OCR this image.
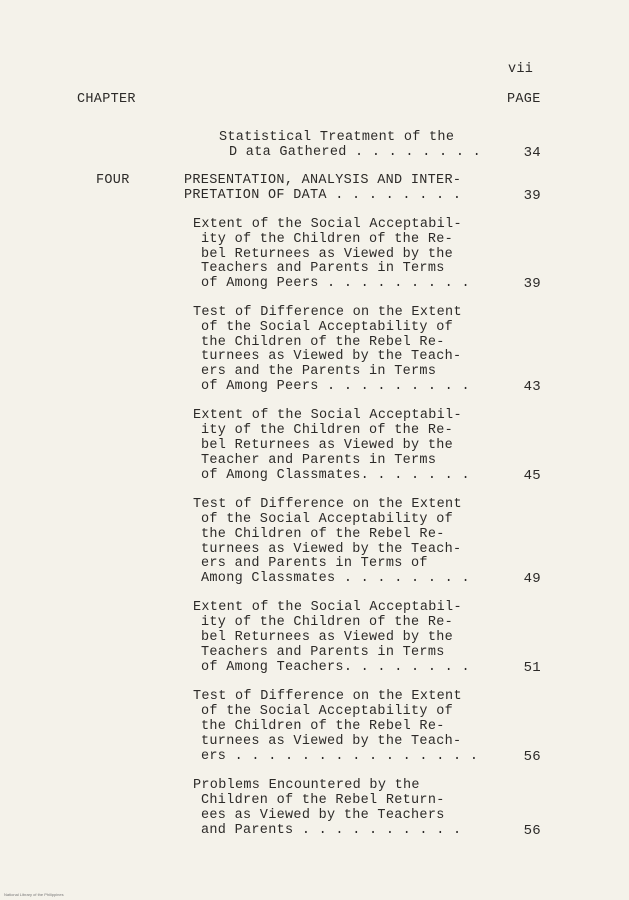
vii
CHAPTER	PAGE
Statistical Treatment of the
D ata Gathered . . . . . . . .	34
FOUR	PRESENTATION, ANALYSIS AND INTER-
PRETATION OF DATA . . . . . . . .	39
Extent of the Social Acceptabil-
ity of the Children of the Re-
bel Returnees as Viewed by the
Teachers and Parents in Terms
of Among Peers . . . . . . . . .	39
Test of Difference on the Extent
of the Social Acceptability of
the Children of the Rebel Re-
turnees as Viewed by the Teach-
ers and the Parents in Terms
of Among Peers . . . . . . . . .	43
Extent of the Social Acceptabil-
ity of the Children of the Re-
bel Returnees as Viewed by the
Teacher and Parents in Terms
of Among Classmates. . . . . . .	45
Test of Difference on the Extent
of the Social Acceptability of
the Children of the Rebel Re-
turnees as Viewed by the Teach-
ers and Parents in Terms of
Among Classmates . . . . . . . .	49
Extent of the Social Acceptabil-
ity of the Children of the Re-
bel Returnees as Viewed by the
Teachers and Parents in Terms
of Among Teachers. . . . . . . .	51
Test of Difference on the Extent
of the Social Acceptability of
the Children of the Rebel Re-
turnees as Viewed by the Teach-
ers . . . . . . . . . . . . . . .	56
Problems Encountered by the
Children of the Rebel Return-
ees as Viewed by the Teachers
and Parents . . . . . . . . . .	56
National Library of the Philippines
